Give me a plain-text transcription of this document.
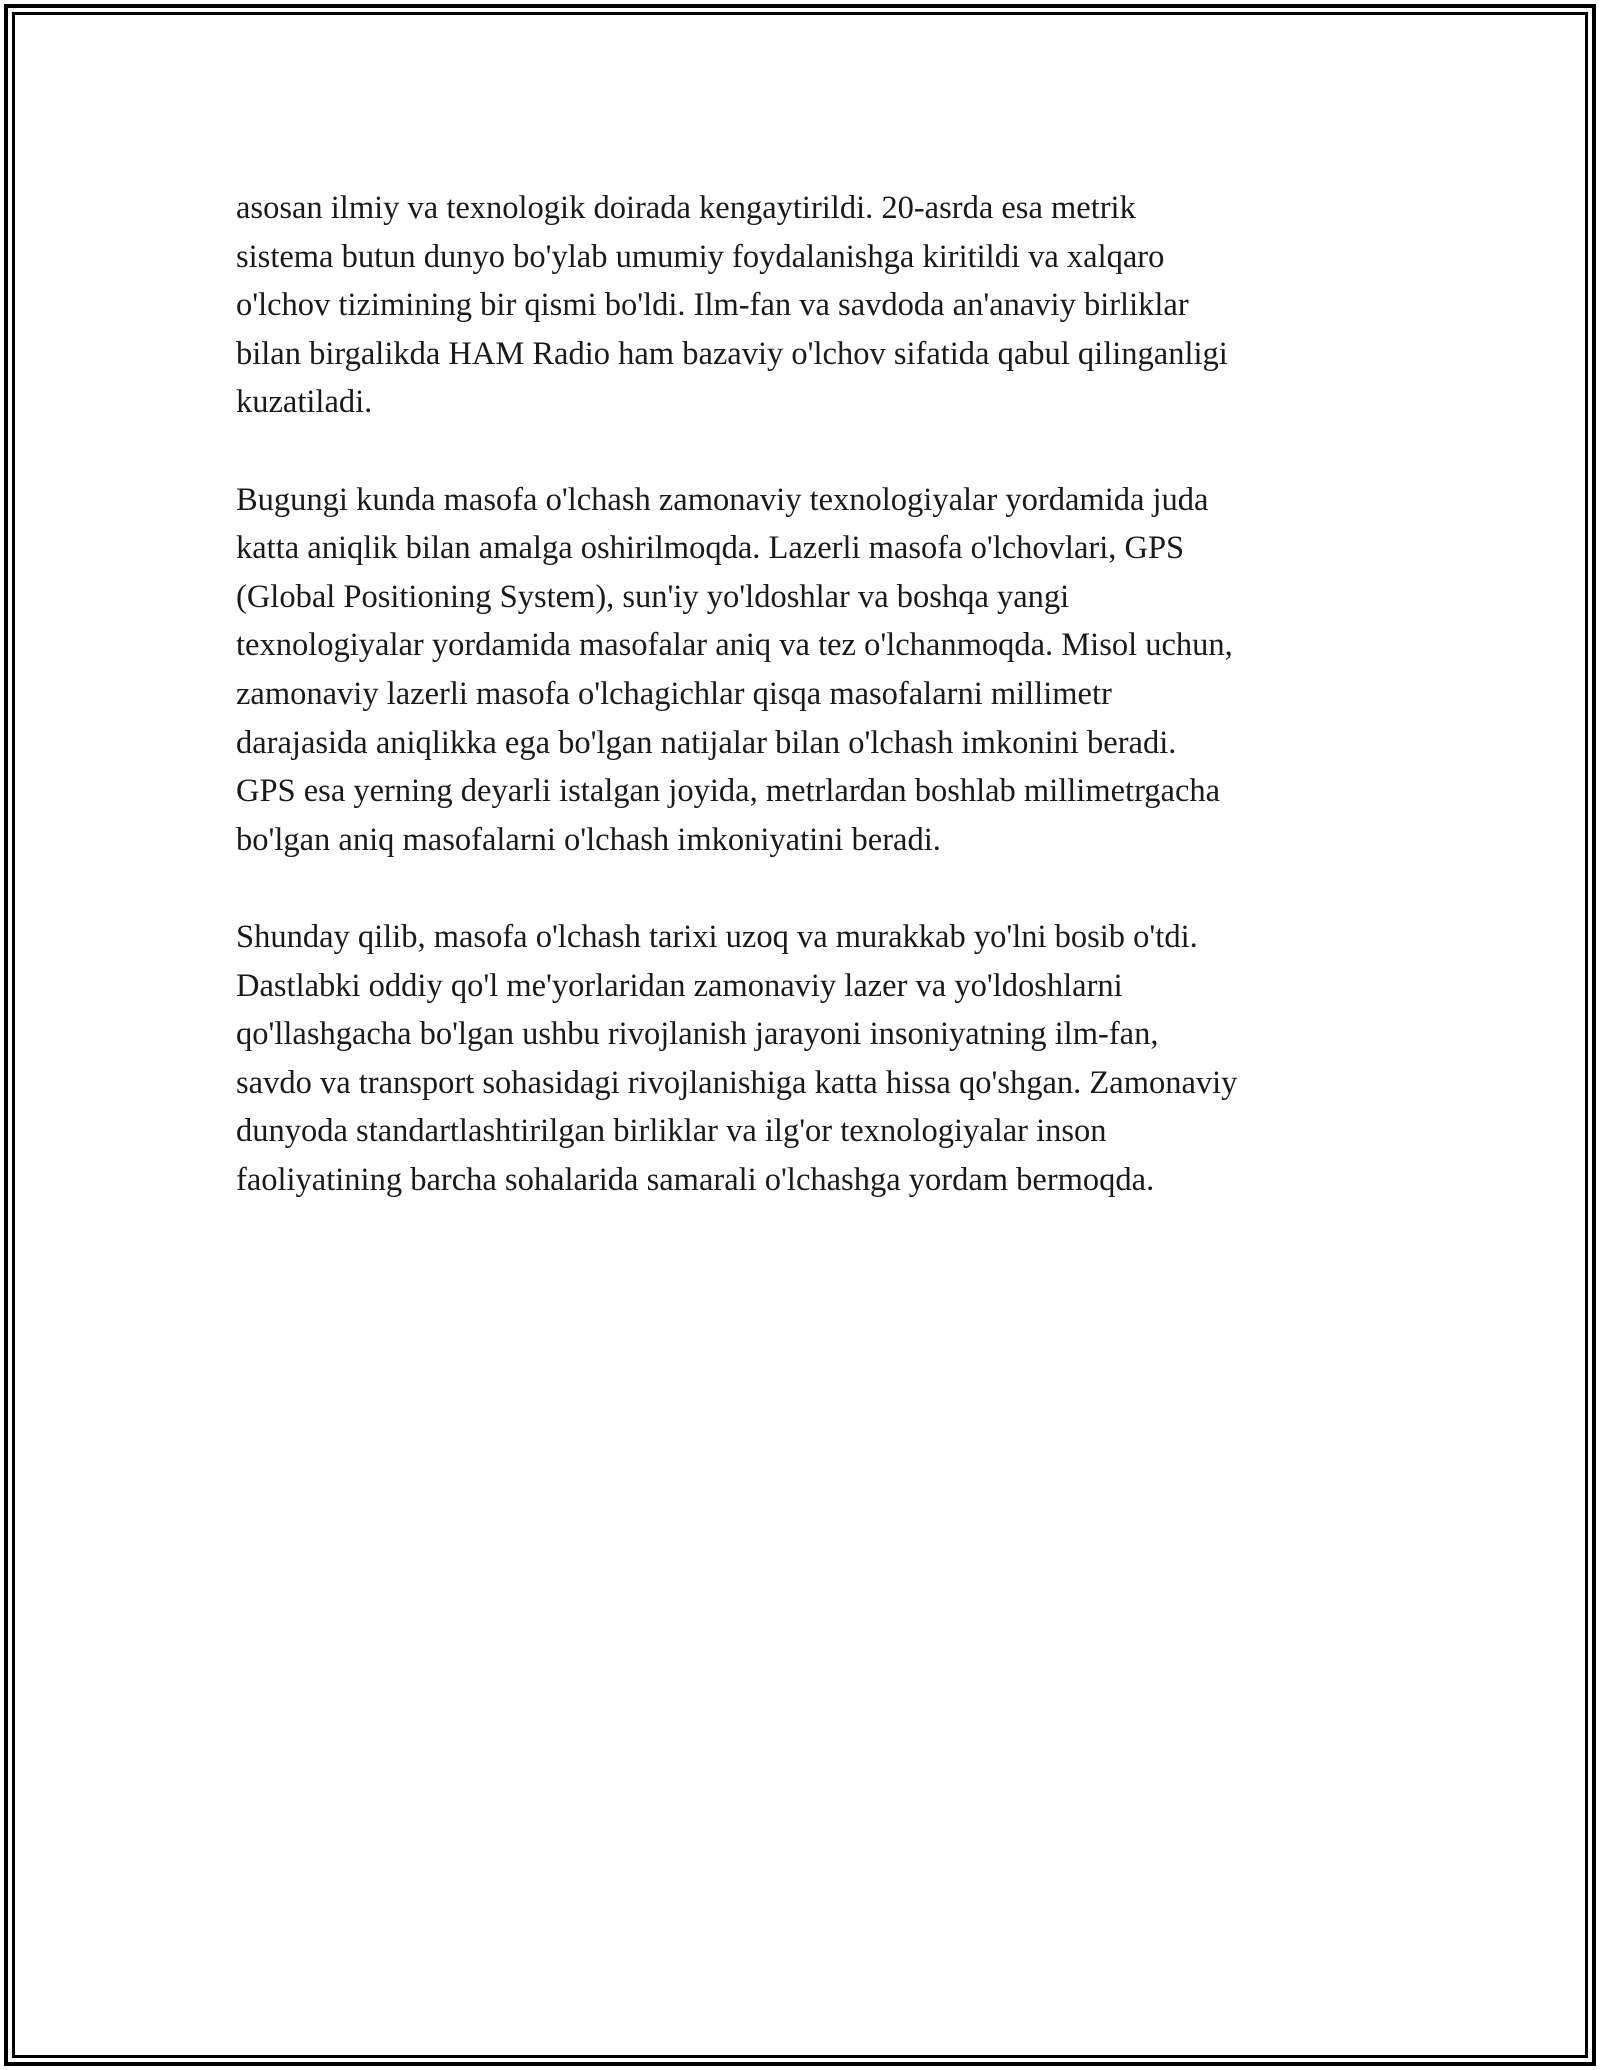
asosan ilmiy va texnologik doirada kengaytirildi. 20-asrda esa metrik
sistema butun dunyo bo'ylab umumiy foydalanishga kiritildi va xalqaro
o'lchov tizimining bir qismi bo'ldi. Ilm-fan va savdoda an'anaviy birliklar
bilan birgalikda HAM Radio ham bazaviy o'lchov sifatida qabul qilinganligi
kuzatiladi.

Bugungi kunda masofa o'lchash zamonaviy texnologiyalar yordamida juda
katta aniqlik bilan amalga oshirilmoqda. Lazerli masofa o'lchovlari, GPS
(Global Positioning System), sun'iy yo'ldoshlar va boshqa yangi
texnologiyalar yordamida masofalar aniq va tez o'lchanmoqda. Misol uchun,
zamonaviy lazerli masofa o'lchagichlar qisqa masofalarni millimetr
darajasida aniqlikka ega bo'lgan natijalar bilan o'lchash imkonini beradi.
GPS esa yerning deyarli istalgan joyida, metrlardan boshlab millimetrgacha
bo'lgan aniq masofalarni o'lchash imkoniyatini beradi.

Shunday qilib, masofa o'lchash tarixi uzoq va murakkab yo'lni bosib o'tdi.
Dastlabki oddiy qo'l me'yorlaridan zamonaviy lazer va yo'ldoshlarni
qo'llashgacha bo'lgan ushbu rivojlanish jarayoni insoniyatning ilm-fan,
savdo va transport sohasidagi rivojlanishiga katta hissa qo'shgan. Zamonaviy
dunyoda standartlashtirilgan birliklar va ilg'or texnologiyalar inson
faoliyatining barcha sohalarida samarali o'lchashga yordam bermoqda.
